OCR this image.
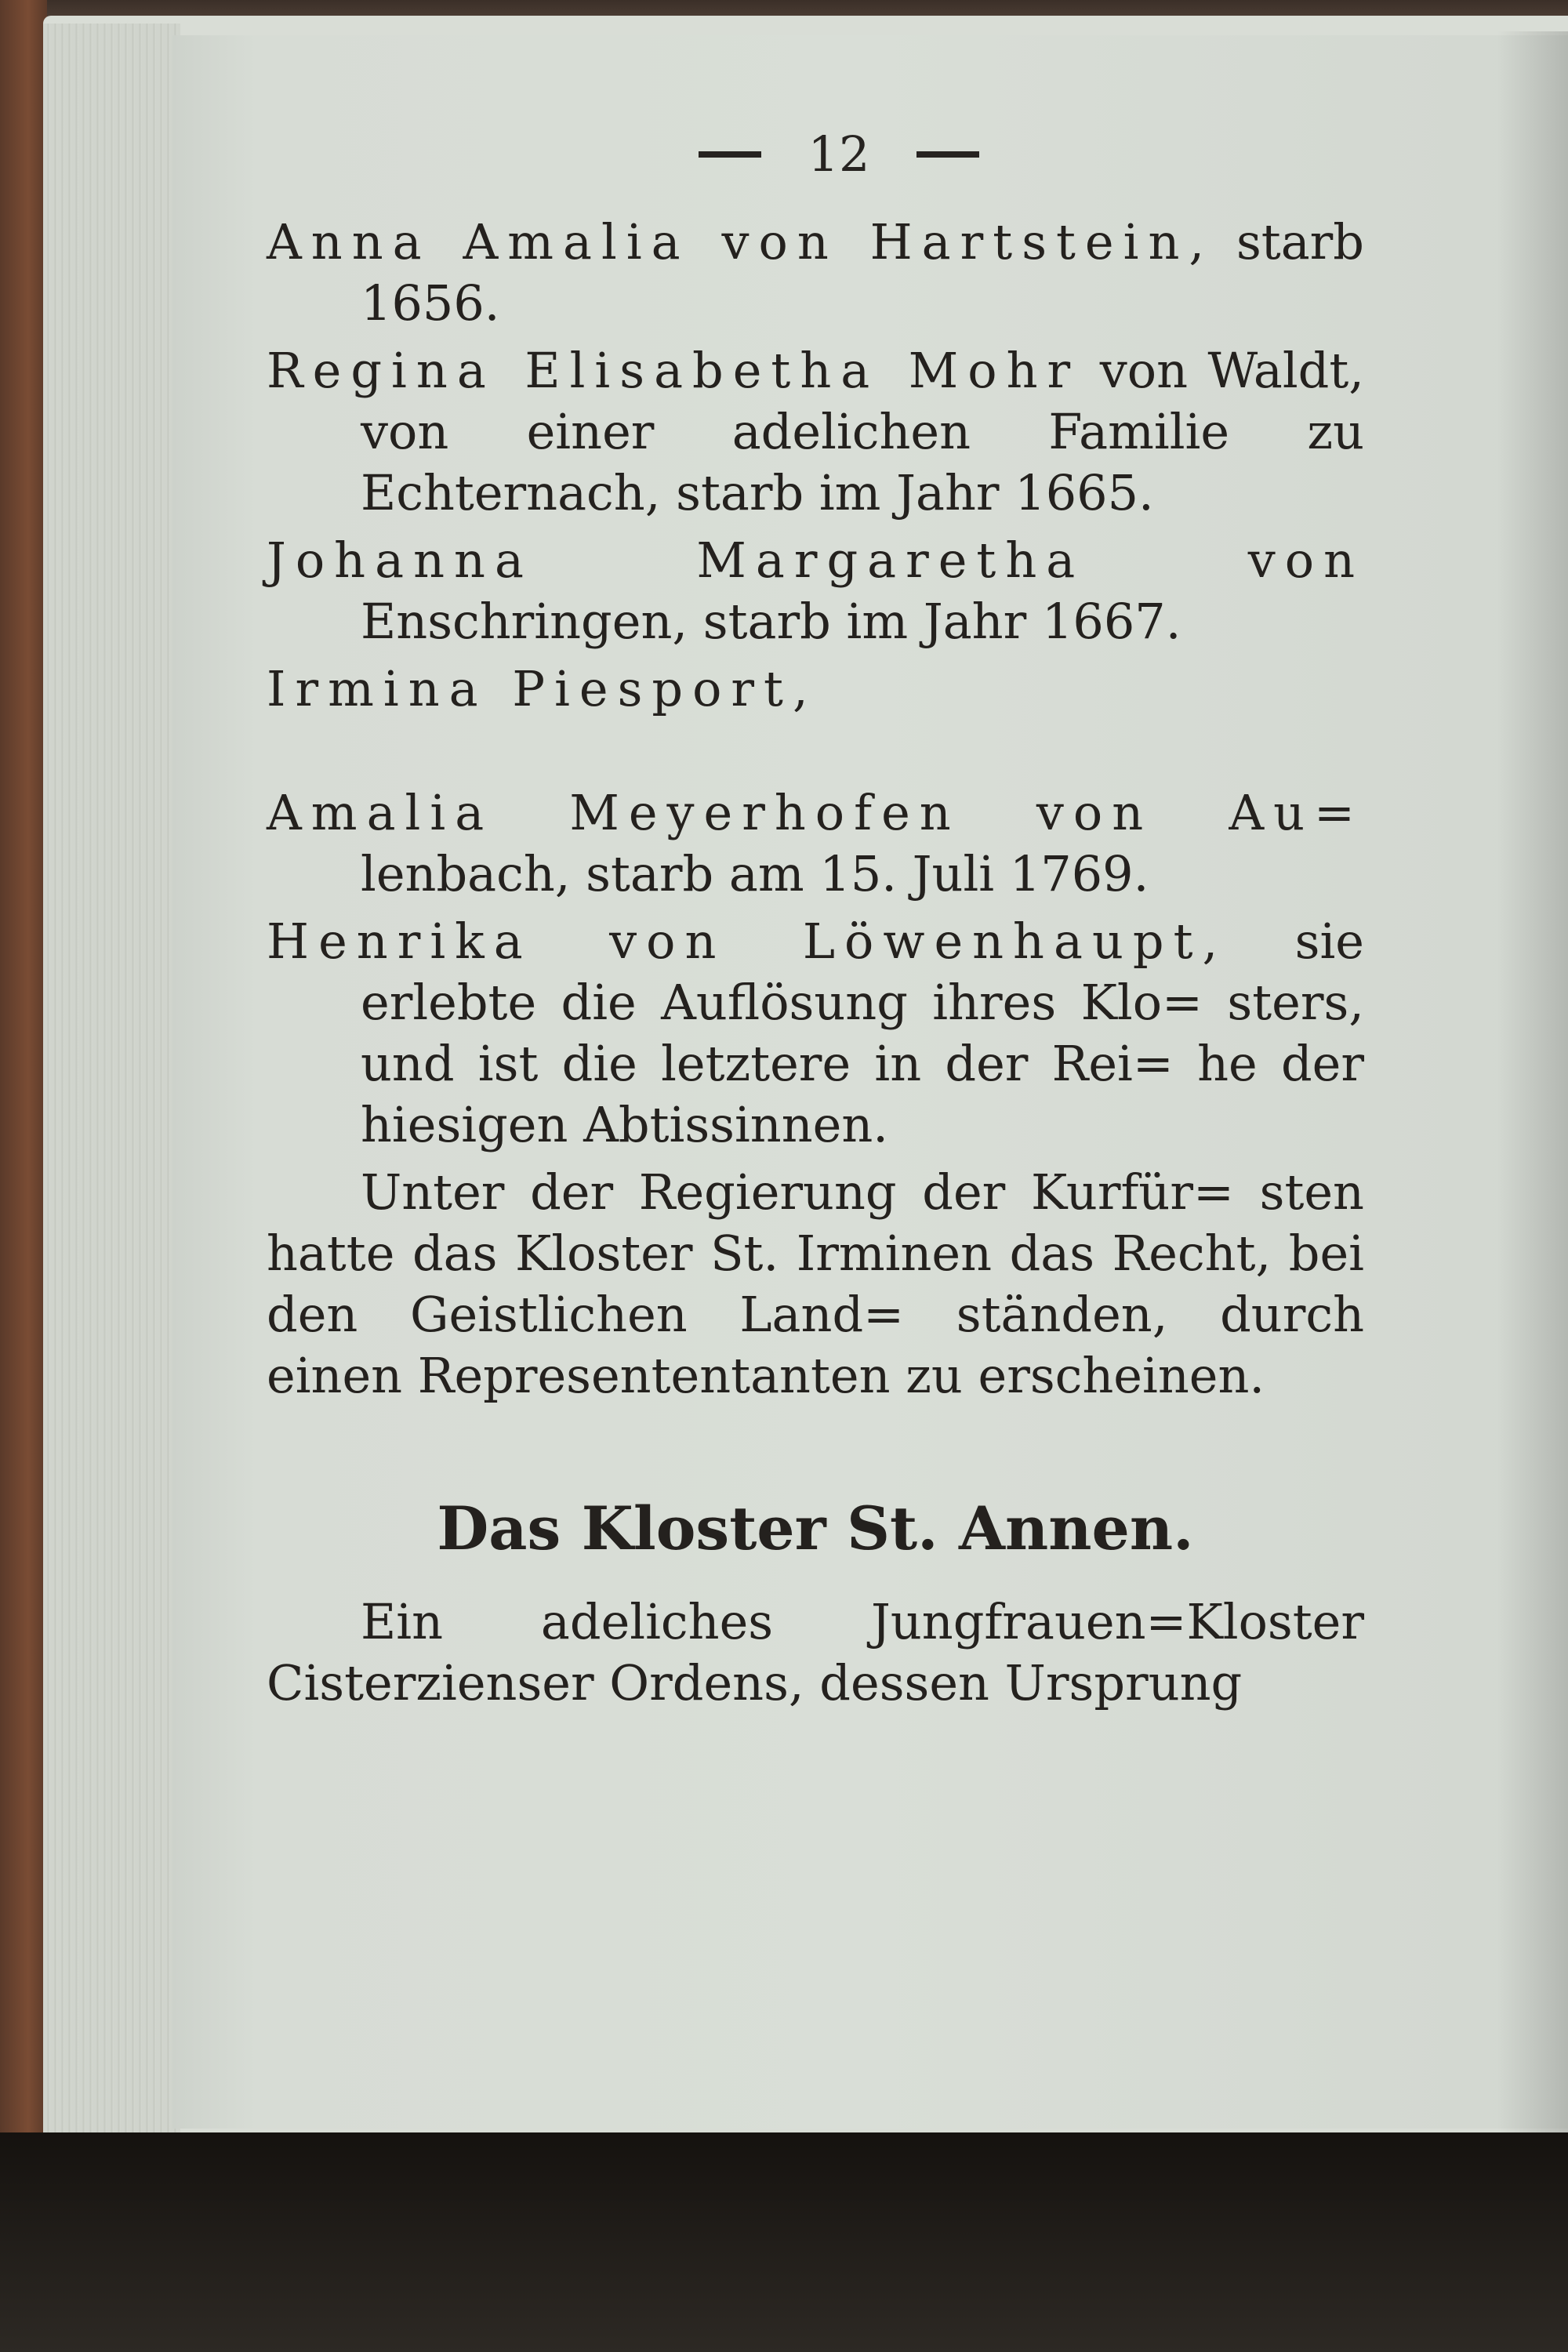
12

Anna Amalia von Hartstein, starb 1656.

Regina Elisabetha Mohr von Waldt, von einer adelichen Familie zu Echternach, starb im Jahr 1665.

Johanna Margaretha von Enschringen, starb im Jahr 1667.

Irmina Piesport,

Amalia Meyerhofen von Au= lenbach, starb am 15. Juli 1769.

Henrika von Löwenhaupt, sie erlebte die Auflösung ihres Klo= sters, und ist die letztere in der Rei= he der hiesigen Abtissinnen.

Unter der Regierung der Kurfür= sten hatte das Kloster St. Irminen das Recht, bei den Geistlichen Land= ständen, durch einen Represententanten zu erscheinen.

Das Kloster St. Annen.

Ein adeliches Jungfrauen=Kloster Cisterzienser Ordens, dessen Ursprung
